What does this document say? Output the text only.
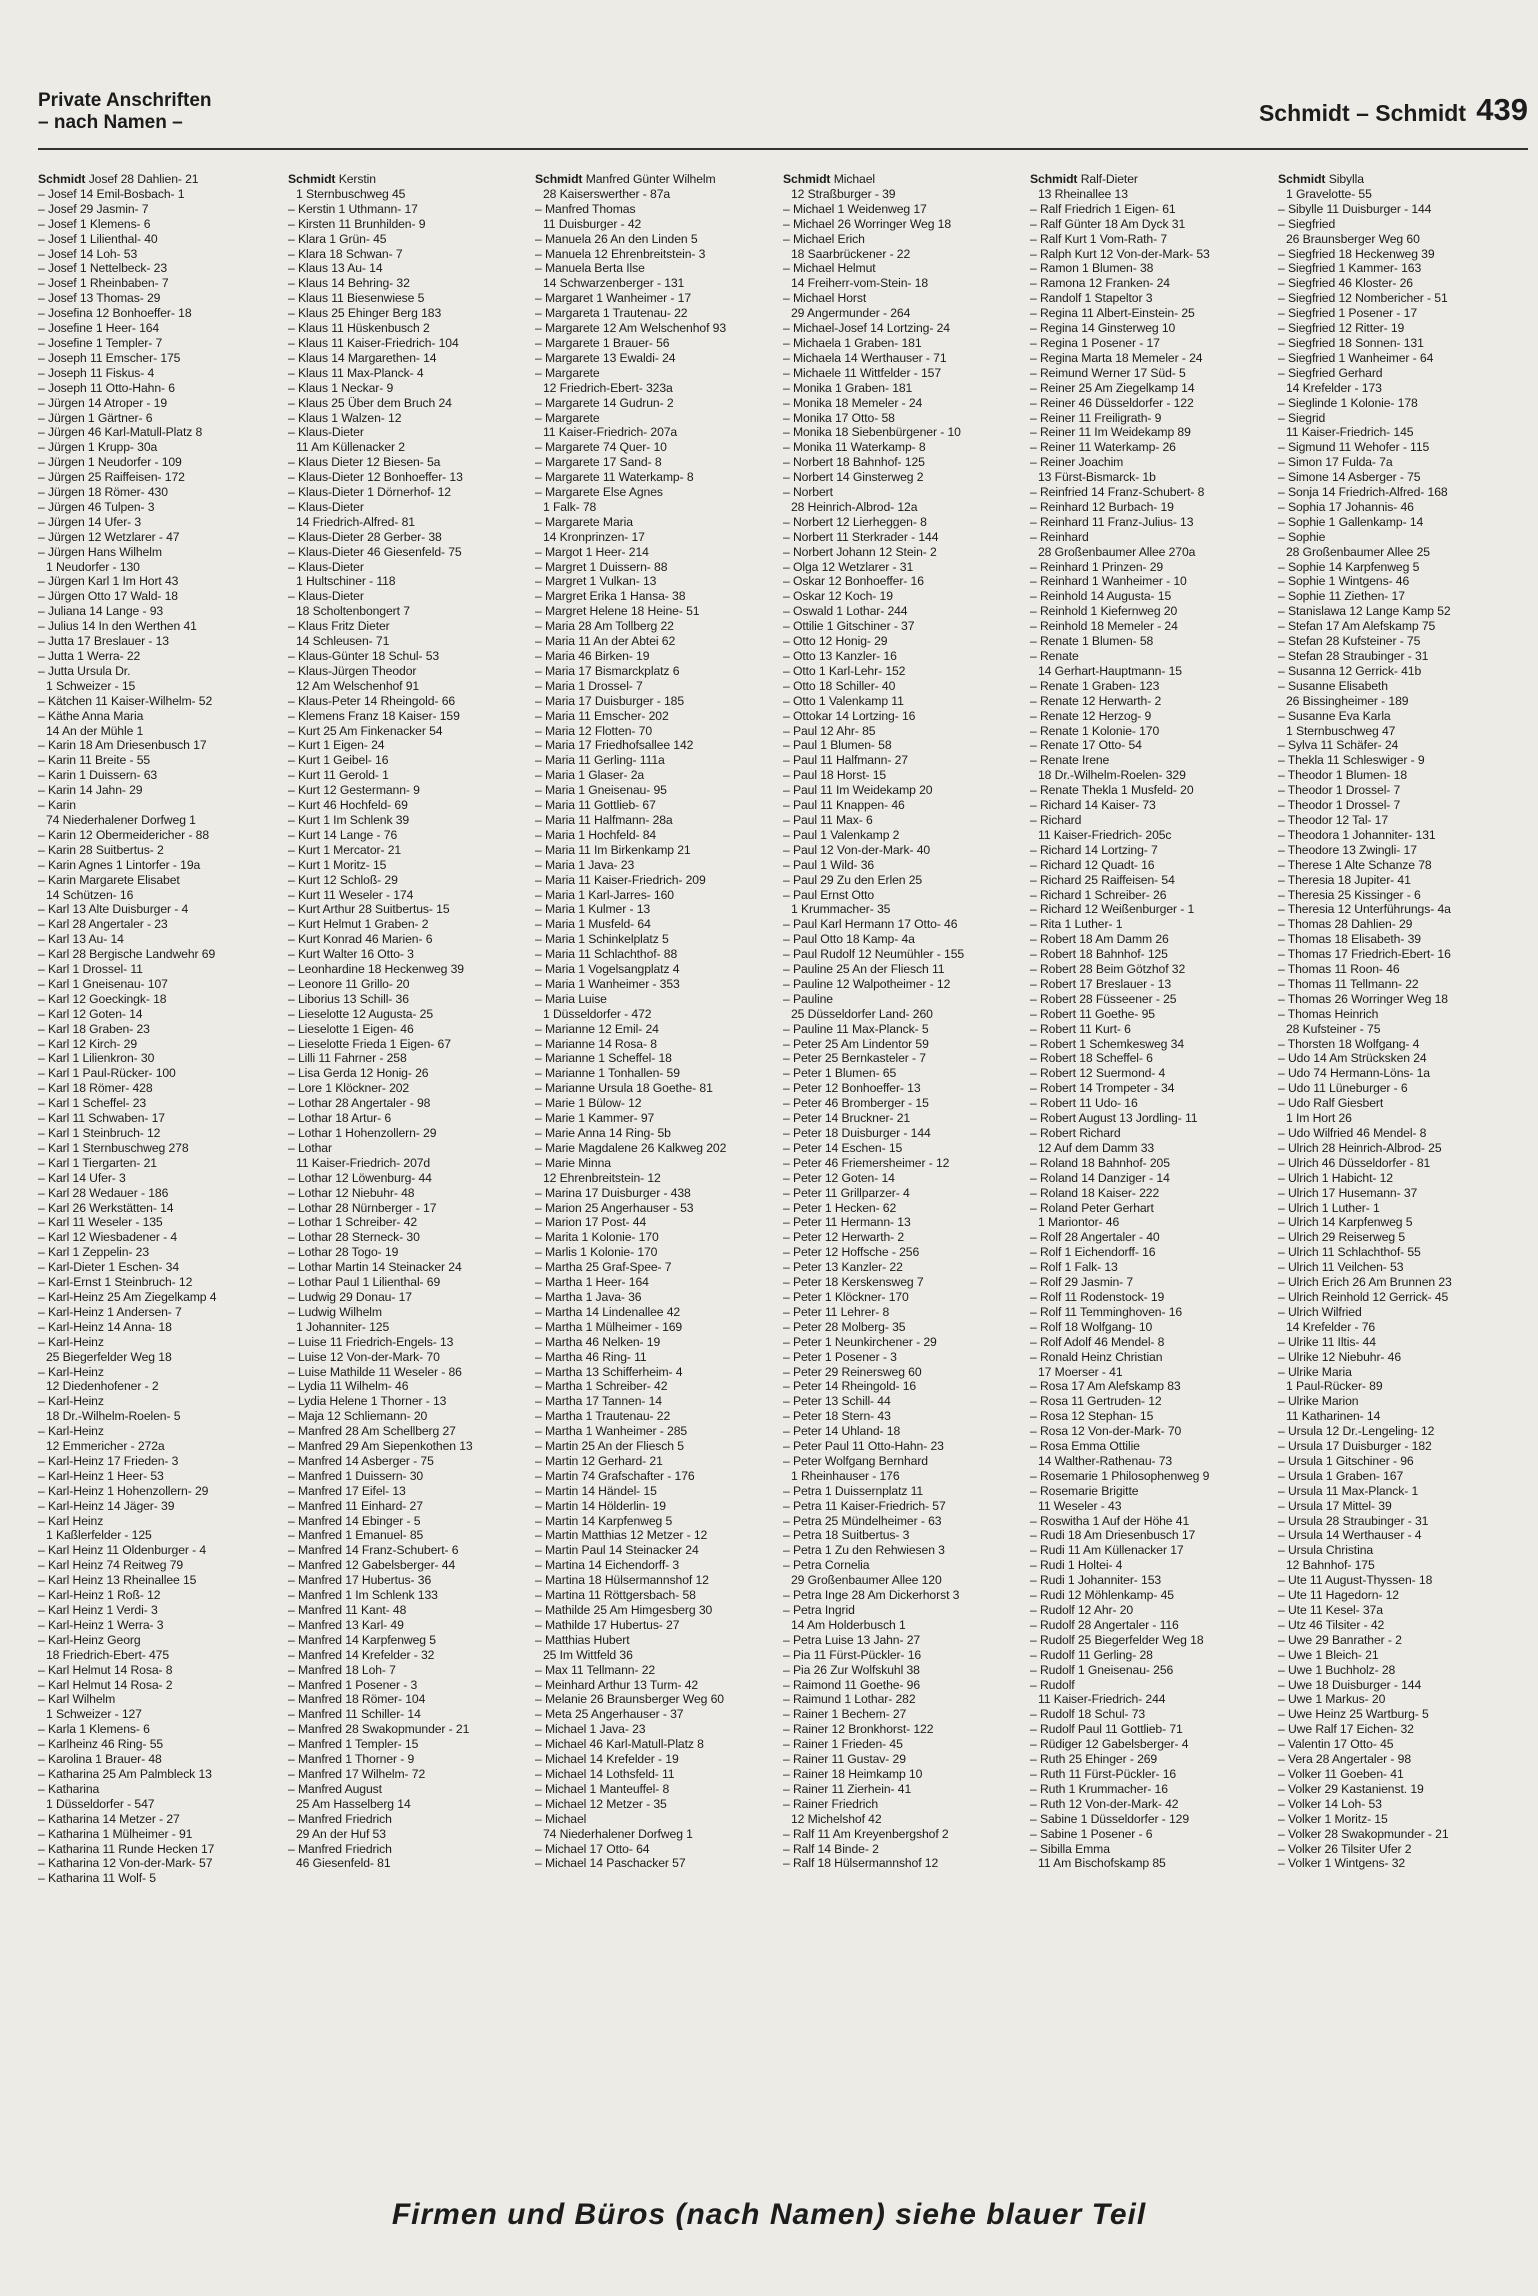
Private Anschriften
– nach Namen –	Schmidt – Schmidt 439
Schmidt Josef 28 Dahlien- 21
– Josef 14 Emil-Bosbach- 1
– Josef 29 Jasmin- 7
– Josef 1 Klemens- 6
– Josef 1 Lilienthal- 40
– Josef 14 Loh- 53
– Josef 1 Nettelbeck- 23
– Josef 1 Rheinbaben- 7
– Josef 13 Thomas- 29
– Josefina 12 Bonhoeffer- 18
– Josefine 1 Heer- 164
– Josefine 1 Templer- 7
– Joseph 11 Emscher- 175
– Joseph 11 Fiskus- 4
– Joseph 11 Otto-Hahn- 6
– Jürgen 14 Atroper - 19
– Jürgen 1 Gärtner- 6
– Jürgen 46 Karl-Matull-Platz 8
– Jürgen 1 Krupp- 30a
– Jürgen 1 Neudorfer - 109
– Jürgen 25 Raiffeisen- 172
– Jürgen 18 Römer- 430
– Jürgen 46 Tulpen- 3
– Jürgen 14 Ufer- 3
– Jürgen 12 Wetzlarer - 47
– Jürgen Hans Wilhelm
1 Neudorfer - 130
– Jürgen Karl 1 Im Hort 43
– Jürgen Otto 17 Wald- 18
– Juliana 14 Lange - 93
– Julius 14 In den Werthen 41
– Jutta 17 Breslauer - 13
– Jutta 1 Werra- 22
– Jutta Ursula Dr.
1 Schweizer - 15
– Kätchen 11 Kaiser-Wilhelm- 52
– Käthe Anna Maria
14 An der Mühle 1
– Karin 18 Am Driesenbusch 17
– Karin 11 Breite - 55
– Karin 1 Duissern- 63
– Karin 14 Jahn- 29
– Karin
74 Niederhalener Dorfweg 1
– Karin 12 Obermeidericher - 88
– Karin 28 Suitbertus- 2
– Karin Agnes 1 Lintorfer - 19a
– Karin Margarete Elisabet
14 Schützen- 16
– Karl 13 Alte Duisburger - 4
– Karl 28 Angertaler - 23
– Karl 13 Au- 14
– Karl 28 Bergische Landwehr 69
– Karl 1 Drossel- 11
– Karl 1 Gneisenau- 107
– Karl 12 Goeckingk- 18
– Karl 12 Goten- 14
– Karl 18 Graben- 23
– Karl 12 Kirch- 29
– Karl 1 Lilienkron- 30
– Karl 1 Paul-Rücker- 100
– Karl 18 Römer- 428
– Karl 1 Scheffel- 23
– Karl 11 Schwaben- 17
– Karl 1 Steinbruch- 12
– Karl 1 Sternbuschweg 278
– Karl 1 Tiergarten- 21
– Karl 14 Ufer- 3
– Karl 28 Wedauer - 186
– Karl 26 Werkstätten- 14
– Karl 11 Weseler - 135
– Karl 12 Wiesbadener - 4
– Karl 1 Zeppelin- 23
– Karl-Dieter 1 Eschen- 34
– Karl-Ernst 1 Steinbruch- 12
– Karl-Heinz 25 Am Ziegelkamp 4
– Karl-Heinz 1 Andersen- 7
– Karl-Heinz 14 Anna- 18
– Karl-Heinz
25 Biegerfelder Weg 18
– Karl-Heinz
12 Diedenhofener - 2
– Karl-Heinz
18 Dr.-Wilhelm-Roelen- 5
– Karl-Heinz
12 Emmericher - 272a
– Karl-Heinz 17 Frieden- 3
– Karl-Heinz 1 Heer- 53
– Karl-Heinz 1 Hohenzollern- 29
– Karl-Heinz 14 Jäger- 39
– Karl Heinz
1 Kaßlerfelder - 125
– Karl Heinz 11 Oldenburger - 4
– Karl Heinz 74 Reitweg 79
– Karl Heinz 13 Rheinallee 15
– Karl-Heinz 1 Roß- 12
– Karl Heinz 1 Verdi- 3
– Karl-Heinz 1 Werra- 3
– Karl-Heinz Georg
18 Friedrich-Ebert- 475
– Karl Helmut 14 Rosa- 8
– Karl Helmut 14 Rosa- 2
– Karl Wilhelm
1 Schweizer - 127
– Karla 1 Klemens- 6
– Karlheinz 46 Ring- 55
– Karolina 1 Brauer- 48
– Katharina 25 Am Palmbleck 13
– Katharina
1 Düsseldorfer - 547
– Katharina 14 Metzer - 27
– Katharina 1 Mülheimer - 91
– Katharina 11 Runde Hecken 17
– Katharina 12 Von-der-Mark- 57
– Katharina 11 Wolf- 5
Schmidt Kerstin
1 Sternbuschweg 45
– Kerstin 1 Uthmann- 17
– Kirsten 11 Brunhilden- 9
– Klara 1 Grün- 45
– Klara 18 Schwan- 7
– Klaus 13 Au- 14
– Klaus 14 Behring- 32
– Klaus 11 Biesenwiese 5
– Klaus 25 Ehinger Berg 183
– Klaus 11 Hüskenbusch 2
– Klaus 11 Kaiser-Friedrich- 104
– Klaus 14 Margarethen- 14
– Klaus 11 Max-Planck- 4
– Klaus 1 Neckar- 9
– Klaus 25 Über dem Bruch 24
– Klaus 1 Walzen- 12
– Klaus-Dieter
11 Am Küllenacker 2
– Klaus Dieter 12 Biesen- 5a
– Klaus-Dieter 12 Bonhoeffer- 13
– Klaus-Dieter 1 Dörnerhof- 12
– Klaus-Dieter
14 Friedrich-Alfred- 81
– Klaus-Dieter 28 Gerber- 38
– Klaus-Dieter 46 Giesenfeld- 75
– Klaus-Dieter
1 Hultschiner - 118
– Klaus-Dieter
18 Scholtenbongert 7
– Klaus Fritz Dieter
14 Schleusen- 71
– Klaus-Günter 18 Schul- 53
– Klaus-Jürgen Theodor
12 Am Welschenhof 91
– Klaus-Peter 14 Rheingold- 66
– Klemens Franz 18 Kaiser- 159
– Kurt 25 Am Finkenacker 54
– Kurt 1 Eigen- 24
– Kurt 1 Geibel- 16
– Kurt 11 Gerold- 1
– Kurt 12 Gestermann- 9
– Kurt 46 Hochfeld- 69
– Kurt 1 Im Schlenk 39
– Kurt 14 Lange - 76
– Kurt 1 Mercator- 21
– Kurt 1 Moritz- 15
– Kurt 12 Schloß- 29
– Kurt 11 Weseler - 174
– Kurt Arthur 28 Suitbertus- 15
– Kurt Helmut 1 Graben- 2
– Kurt Konrad 46 Marien- 6
– Kurt Walter 16 Otto- 3
– Leonhardine 18 Heckenweg 39
– Leonore 11 Grillo- 20
– Liborius 13 Schill- 36
– Lieselotte 12 Augusta- 25
– Lieselotte 1 Eigen- 46
– Lieselotte Frieda 1 Eigen- 67
– Lilli 11 Fahrner - 258
– Lisa Gerda 12 Honig- 26
– Lore 1 Klöckner- 202
– Lothar 28 Angertaler - 98
– Lothar 18 Artur- 6
– Lothar 1 Hohenzollern- 29
– Lothar
11 Kaiser-Friedrich- 207d
– Lothar 12 Löwenburg- 44
– Lothar 12 Niebuhr- 48
– Lothar 28 Nürnberger - 17
– Lothar 1 Schreiber- 42
– Lothar 28 Sterneck- 30
– Lothar 28 Togo- 19
– Lothar Martin 14 Steinacker 24
– Lothar Paul 1 Lilienthal- 69
– Ludwig 29 Donau- 17
– Ludwig Wilhelm
1 Johanniter- 125
– Luise 11 Friedrich-Engels- 13
– Luise 12 Von-der-Mark- 70
– Luise Mathilde 11 Weseler - 86
– Lydia 11 Wilhelm- 46
– Lydia Helene 1 Thorner - 13
– Maja 12 Schliemann- 20
– Manfred 28 Am Schellberg 27
– Manfred 29 Am Siepenkothen 13
– Manfred 14 Asberger - 75
– Manfred 1 Duissern- 30
– Manfred 17 Eifel- 13
– Manfred 11 Einhard- 27
– Manfred 14 Ebinger - 5
– Manfred 1 Emanuel- 85
– Manfred 14 Franz-Schubert- 6
– Manfred 12 Gabelsberger- 44
– Manfred 17 Hubertus- 36
– Manfred 1 Im Schlenk 133
– Manfred 11 Kant- 48
– Manfred 13 Karl- 49
– Manfred 14 Karpfenweg 5
– Manfred 14 Krefelder - 32
– Manfred 18 Loh- 7
– Manfred 1 Posener - 3
– Manfred 18 Römer- 104
– Manfred 11 Schiller- 14
– Manfred 28 Swakopmunder - 21
– Manfred 1 Templer- 15
– Manfred 1 Thorner - 9
– Manfred 17 Wilhelm- 72
– Manfred August
25 Am Hasselberg 14
– Manfred Friedrich
29 An der Huf 53
– Manfred Friedrich
46 Giesenfeld- 81
Schmidt Manfred Günter Wilhelm
28 Kaiserswerther - 87a
– Manfred Thomas
11 Duisburger - 42
– Manuela 26 An den Linden 5
– Manuela 12 Ehrenbreitstein- 3
– Manuela Berta Ilse
14 Schwarzenberger - 131
– Margaret 1 Wanheimer - 17
– Margareta 1 Trautenau- 22
– Margarete 12 Am Welschenhof 93
– Margarete 1 Brauer- 56
– Margarete 13 Ewaldi- 24
– Margarete
12 Friedrich-Ebert- 323a
– Margarete 14 Gudrun- 2
– Margarete
11 Kaiser-Friedrich- 207a
– Margarete 74 Quer- 10
– Margarete 17 Sand- 8
– Margarete 11 Waterkamp- 8
– Margarete Else Agnes
1 Falk- 78
– Margarete Maria
14 Kronprinzen- 17
– Margot 1 Heer- 214
– Margret 1 Duissern- 88
– Margret 1 Vulkan- 13
– Margret Erika 1 Hansa- 38
– Margret Helene 18 Heine- 51
– Maria 28 Am Tollberg 22
– Maria 11 An der Abtei 62
– Maria 46 Birken- 19
– Maria 17 Bismarckplatz 6
– Maria 1 Drossel- 7
– Maria 17 Duisburger - 185
– Maria 11 Emscher- 202
– Maria 12 Flotten- 70
– Maria 17 Friedhofsallee 142
– Maria 11 Gerling- 111a
– Maria 1 Glaser- 2a
– Maria 1 Gneisenau- 95
– Maria 11 Gottlieb- 67
– Maria 11 Halfmann- 28a
– Maria 1 Hochfeld- 84
– Maria 11 Im Birkenkamp 21
– Maria 1 Java- 23
– Maria 11 Kaiser-Friedrich- 209
– Maria 1 Karl-Jarres- 160
– Maria 1 Kulmer - 13
– Maria 1 Musfeld- 64
– Maria 1 Schinkelplatz 5
– Maria 11 Schlachthof- 88
– Maria 1 Vogelsangplatz 4
– Maria 1 Wanheimer - 353
– Maria Luise
1 Düsseldorfer - 472
– Marianne 12 Emil- 24
– Marianne 14 Rosa- 8
– Marianne 1 Scheffel- 18
– Marianne 1 Tonhallen- 59
– Marianne Ursula 18 Goethe- 81
– Marie 1 Bülow- 12
– Marie 1 Kammer- 97
– Marie Anna 14 Ring- 5b
– Marie Magdalene 26 Kalkweg 202
– Marie Minna
12 Ehrenbreitstein- 12
– Marina 17 Duisburger - 438
– Marion 25 Angerhauser - 53
– Marion 17 Post- 44
– Marita 1 Kolonie- 170
– Marlis 1 Kolonie- 170
– Martha 25 Graf-Spee- 7
– Martha 1 Heer- 164
– Martha 1 Java- 36
– Martha 14 Lindenallee 42
– Martha 1 Mülheimer - 169
– Martha 46 Nelken- 19
– Martha 46 Ring- 11
– Martha 13 Schifferheim- 4
– Martha 1 Schreiber- 42
– Martha 17 Tannen- 14
– Martha 1 Trautenau- 22
– Martha 1 Wanheimer - 285
– Martin 25 An der Fliesch 5
– Martin 12 Gerhard- 21
– Martin 74 Grafschafter - 176
– Martin 14 Händel- 15
– Martin 14 Hölderlin- 19
– Martin 14 Karpfenweg 5
– Martin Matthias 12 Metzer - 12
– Martin Paul 14 Steinacker 24
– Martina 14 Eichendorff- 3
– Martina 18 Hülsermannshof 12
– Martina 11 Röttgersbach- 58
– Mathilde 25 Am Himgesberg 30
– Mathilde 17 Hubertus- 27
– Matthias Hubert
25 Im Wittfeld 36
– Max 11 Tellmann- 22
– Meinhard Arthur 13 Turm- 42
– Melanie 26 Braunsberger Weg 60
– Meta 25 Angerhauser - 37
– Michael 1 Java- 23
– Michael 46 Karl-Matull-Platz 8
– Michael 14 Krefelder - 19
– Michael 14 Lothsfeld- 11
– Michael 1 Manteuffel- 8
– Michael 12 Metzer - 35
– Michael
74 Niederhalener Dorfweg 1
– Michael 17 Otto- 64
– Michael 14 Paschacker 57
Schmidt Michael
12 Straßburger - 39
– Michael 1 Weidenweg 17
– Michael 26 Worringer Weg 18
– Michael Erich
18 Saarbrückener - 22
– Michael Helmut
14 Freiherr-vom-Stein- 18
– Michael Horst
29 Angermunder - 264
– Michael-Josef 14 Lortzing- 24
– Michaela 1 Graben- 181
– Michaela 14 Werthauser - 71
– Michaele 11 Wittfelder - 157
– Monika 1 Graben- 181
– Monika 18 Memeler - 24
– Monika 17 Otto- 58
– Monika 18 Siebenbürgener - 10
– Monika 11 Waterkamp- 8
– Norbert 18 Bahnhof- 125
– Norbert 14 Ginsterweg 2
– Norbert
28 Heinrich-Albrod- 12a
– Norbert 12 Lierheggen- 8
– Norbert 11 Sterkrader - 144
– Norbert Johann 12 Stein- 2
– Olga 12 Wetzlarer - 31
– Oskar 12 Bonhoeffer- 16
– Oskar 12 Koch- 19
– Oswald 1 Lothar- 244
– Ottilie 1 Gitschiner - 37
– Otto 12 Honig- 29
– Otto 13 Kanzler- 16
– Otto 1 Karl-Lehr- 152
– Otto 18 Schiller- 40
– Otto 1 Valenkamp 11
– Ottokar 14 Lortzing- 16
– Paul 12 Ahr- 85
– Paul 1 Blumen- 58
– Paul 11 Halfmann- 27
– Paul 18 Horst- 15
– Paul 11 Im Weidekamp 20
– Paul 11 Knappen- 46
– Paul 11 Max- 6
– Paul 1 Valenkamp 2
– Paul 12 Von-der-Mark- 40
– Paul 1 Wild- 36
– Paul 29 Zu den Erlen 25
– Paul Ernst Otto
1 Krummacher- 35
– Paul Karl Hermann 17 Otto- 46
– Paul Otto 18 Kamp- 4a
– Paul Rudolf 12 Neumühler - 155
– Pauline 25 An der Fliesch 11
– Pauline 12 Walpotheimer - 12
– Pauline
25 Düsseldorfer Land- 260
– Pauline 11 Max-Planck- 5
– Peter 25 Am Lindentor 59
– Peter 25 Bernkasteler - 7
– Peter 1 Blumen- 65
– Peter 12 Bonhoeffer- 13
– Peter 46 Bromberger - 15
– Peter 14 Bruckner- 21
– Peter 18 Duisburger - 144
– Peter 14 Eschen- 15
– Peter 46 Friemersheimer - 12
– Peter 12 Goten- 14
– Peter 11 Grillparzer- 4
– Peter 1 Hecken- 62
– Peter 11 Hermann- 13
– Peter 12 Herwarth- 2
– Peter 12 Hoffsche - 256
– Peter 13 Kanzler- 22
– Peter 18 Kerskensweg 7
– Peter 1 Klöckner- 170
– Peter 11 Lehrer- 8
– Peter 28 Molberg- 35
– Peter 1 Neunkirchener - 29
– Peter 1 Posener - 3
– Peter 29 Reinersweg 60
– Peter 14 Rheingold- 16
– Peter 13 Schill- 44
– Peter 18 Stern- 43
– Peter 14 Uhland- 18
– Peter Paul 11 Otto-Hahn- 23
– Peter Wolfgang Bernhard
1 Rheinhauser - 176
– Petra 1 Duissernplatz 11
– Petra 11 Kaiser-Friedrich- 57
– Petra 25 Mündelheimer - 63
– Petra 18 Suitbertus- 3
– Petra 1 Zu den Rehwiesen 3
– Petra Cornelia
29 Großenbaumer Allee 120
– Petra Inge 28 Am Dickerhorst 3
– Petra Ingrid
14 Am Holderbusch 1
– Petra Luise 13 Jahn- 27
– Pia 11 Fürst-Pückler- 16
– Pia 26 Zur Wolfskuhl 38
– Raimond 11 Goethe- 96
– Raimund 1 Lothar- 282
– Rainer 1 Bechem- 27
– Rainer 12 Bronkhorst- 122
– Rainer 1 Frieden- 45
– Rainer 11 Gustav- 29
– Rainer 18 Heimkamp 10
– Rainer 11 Zierhein- 41
– Rainer Friedrich
12 Michelshof 42
– Ralf 11 Am Kreyenbergshof 2
– Ralf 14 Binde- 2
– Ralf 18 Hülsermannshof 12
Schmidt Ralf-Dieter
13 Rheinallee 13
– Ralf Friedrich 1 Eigen- 61
– Ralf Günter 18 Am Dyck 31
– Ralf Kurt 1 Vom-Rath- 7
– Ralph Kurt 12 Von-der-Mark- 53
– Ramon 1 Blumen- 38
– Ramona 12 Franken- 24
– Randolf 1 Stapeltor 3
– Regina 11 Albert-Einstein- 25
– Regina 14 Ginsterweg 10
– Regina 1 Posener - 17
– Regina Marta 18 Memeler - 24
– Reimund Werner 17 Süd- 5
– Reiner 25 Am Ziegelkamp 14
– Reiner 46 Düsseldorfer - 122
– Reiner 11 Freiligrath- 9
– Reiner 11 Im Weidekamp 89
– Reiner 11 Waterkamp- 26
– Reiner Joachim
13 Fürst-Bismarck- 1b
– Reinfried 14 Franz-Schubert- 8
– Reinhard 12 Burbach- 19
– Reinhard 11 Franz-Julius- 13
– Reinhard
28 Großenbaumer Allee 270a
– Reinhard 1 Prinzen- 29
– Reinhard 1 Wanheimer - 10
– Reinhold 14 Augusta- 15
– Reinhold 1 Kiefernweg 20
– Reinhold 18 Memeler - 24
– Renate 1 Blumen- 58
– Renate
14 Gerhart-Hauptmann- 15
– Renate 1 Graben- 123
– Renate 12 Herwarth- 2
– Renate 12 Herzog- 9
– Renate 1 Kolonie- 170
– Renate 17 Otto- 54
– Renate Irene
18 Dr.-Wilhelm-Roelen- 329
– Renate Thekla 1 Musfeld- 20
– Richard 14 Kaiser- 73
– Richard
11 Kaiser-Friedrich- 205c
– Richard 14 Lortzing- 7
– Richard 12 Quadt- 16
– Richard 25 Raiffeisen- 54
– Richard 1 Schreiber- 26
– Richard 12 Weißenburger - 1
– Rita 1 Luther- 1
– Robert 18 Am Damm 26
– Robert 18 Bahnhof- 125
– Robert 28 Beim Götzhof 32
– Robert 17 Breslauer - 13
– Robert 28 Füsseener - 25
– Robert 11 Goethe- 95
– Robert 11 Kurt- 6
– Robert 1 Schemkesweg 34
– Robert 18 Scheffel- 6
– Robert 12 Suermond- 4
– Robert 14 Trompeter - 34
– Robert 11 Udo- 16
– Robert August 13 Jordling- 11
– Robert Richard
12 Auf dem Damm 33
– Roland 18 Bahnhof- 205
– Roland 14 Danziger - 14
– Roland 18 Kaiser- 222
– Roland Peter Gerhart
1 Mariontor- 46
– Rolf 28 Angertaler - 40
– Rolf 1 Eichendorff- 16
– Rolf 1 Falk- 13
– Rolf 29 Jasmin- 7
– Rolf 11 Rodenstock- 19
– Rolf 11 Temminghoven- 16
– Rolf 18 Wolfgang- 10
– Rolf Adolf 46 Mendel- 8
– Ronald Heinz Christian
17 Moerser - 41
– Rosa 17 Am Alefskamp 83
– Rosa 11 Gertruden- 12
– Rosa 12 Stephan- 15
– Rosa 12 Von-der-Mark- 70
– Rosa Emma Ottilie
14 Walther-Rathenau- 73
– Rosemarie 1 Philosophenweg 9
– Rosemarie Brigitte
11 Weseler - 43
– Roswitha 1 Auf der Höhe 41
– Rudi 18 Am Driesenbusch 17
– Rudi 11 Am Küllenacker 17
– Rudi 1 Holtei- 4
– Rudi 1 Johanniter- 153
– Rudi 12 Möhlenkamp- 45
– Rudolf 12 Ahr- 20
– Rudolf 28 Angertaler - 116
– Rudolf 25 Biegerfelder Weg 18
– Rudolf 11 Gerling- 28
– Rudolf 1 Gneisenau- 256
– Rudolf
11 Kaiser-Friedrich- 244
– Rudolf 18 Schul- 73
– Rudolf Paul 11 Gottlieb- 71
– Rüdiger 12 Gabelsberger- 4
– Ruth 25 Ehinger - 269
– Ruth 11 Fürst-Pückler- 16
– Ruth 1 Krummacher- 16
– Ruth 12 Von-der-Mark- 42
– Sabine 1 Düsseldorfer - 129
– Sabine 1 Posener - 6
– Sibilla Emma
11 Am Bischofskamp 85
Schmidt Sibylla
1 Gravelotte- 55
– Sibylle 11 Duisburger - 144
– Siegfried
26 Braunsberger Weg 60
– Siegfried 18 Heckenweg 39
– Siegfried 1 Kammer- 163
– Siegfried 46 Kloster- 26
– Siegfried 12 Nombericher - 51
– Siegfried 1 Posener - 17
– Siegfried 12 Ritter- 19
– Siegfried 18 Sonnen- 131
– Siegfried 1 Wanheimer - 64
– Siegfried Gerhard
14 Krefelder - 173
– Sieglinde 1 Kolonie- 178
– Siegrid
11 Kaiser-Friedrich- 145
– Sigmund 11 Wehofer - 115
– Simon 17 Fulda- 7a
– Simone 14 Asberger - 75
– Sonja 14 Friedrich-Alfred- 168
– Sophia 17 Johannis- 46
– Sophie 1 Gallenkamp- 14
– Sophie
28 Großenbaumer Allee 25
– Sophie 14 Karpfenweg 5
– Sophie 1 Wintgens- 46
– Sophie 11 Ziethen- 17
– Stanislawa 12 Lange Kamp 52
– Stefan 17 Am Alefskamp 75
– Stefan 28 Kufsteiner - 75
– Stefan 28 Straubinger - 31
– Susanna 12 Gerrick- 41b
– Susanne Elisabeth
26 Bissingheimer - 189
– Susanne Eva Karla
1 Sternbuschweg 47
– Sylva 11 Schäfer- 24
– Thekla 11 Schleswiger - 9
– Theodor 1 Blumen- 18
– Theodor 1 Drossel- 7
– Theodor 1 Drossel- 7
– Theodor 12 Tal- 17
– Theodora 1 Johanniter- 131
– Theodore 13 Zwingli- 17
– Therese 1 Alte Schanze 78
– Theresia 18 Jupiter- 41
– Theresia 25 Kissinger - 6
– Theresia 12 Unterführungs- 4a
– Thomas 28 Dahlien- 29
– Thomas 18 Elisabeth- 39
– Thomas 17 Friedrich-Ebert- 16
– Thomas 11 Roon- 46
– Thomas 11 Tellmann- 22
– Thomas 26 Worringer Weg 18
– Thomas Heinrich
28 Kufsteiner - 75
– Thorsten 18 Wolfgang- 4
– Udo 14 Am Strücksken 24
– Udo 74 Hermann-Löns- 1a
– Udo 11 Lüneburger - 6
– Udo Ralf Giesbert
1 Im Hort 26
– Udo Wilfried 46 Mendel- 8
– Ulrich 28 Heinrich-Albrod- 25
– Ulrich 46 Düsseldorfer - 81
– Ulrich 1 Habicht- 12
– Ulrich 17 Husemann- 37
– Ulrich 1 Luther- 1
– Ulrich 14 Karpfenweg 5
– Ulrich 29 Reiserweg 5
– Ulrich 11 Schlachthof- 55
– Ulrich 11 Veilchen- 53
– Ulrich Erich 26 Am Brunnen 23
– Ulrich Reinhold 12 Gerrick- 45
– Ulrich Wilfried
14 Krefelder - 76
– Ulrike 11 Iltis- 44
– Ulrike 12 Niebuhr- 46
– Ulrike Maria
1 Paul-Rücker- 89
– Ulrike Marion
11 Katharinen- 14
– Ursula 12 Dr.-Lengeling- 12
– Ursula 17 Duisburger - 182
– Ursula 1 Gitschiner - 96
– Ursula 1 Graben- 167
– Ursula 11 Max-Planck- 1
– Ursula 17 Mittel- 39
– Ursula 28 Straubinger - 31
– Ursula 14 Werthauser - 4
– Ursula Christina
12 Bahnhof- 175
– Ute 11 August-Thyssen- 18
– Ute 11 Hagedorn- 12
– Ute 11 Kesel- 37a
– Utz 46 Tilsiter - 42
– Uwe 29 Banrather - 2
– Uwe 1 Bleich- 21
– Uwe 1 Buchholz- 28
– Uwe 18 Duisburger - 144
– Uwe 1 Markus- 20
– Uwe Heinz 25 Wartburg- 5
– Uwe Ralf 17 Eichen- 32
– Valentin 17 Otto- 45
– Vera 28 Angertaler - 98
– Volker 11 Goeben- 41
– Volker 29 Kastanienst. 19
– Volker 14 Loh- 53
– Volker 1 Moritz- 15
– Volker 28 Swakopmunder - 21
– Volker 26 Tilsiter Ufer 2
– Volker 1 Wintgens- 32
Firmen und Büros (nach Namen) siehe blauer Teil
